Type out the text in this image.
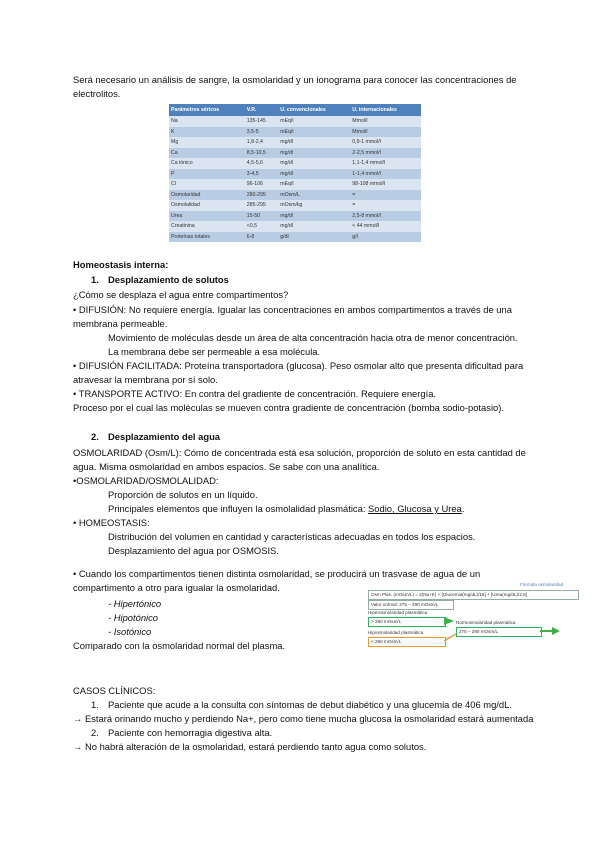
Será necesario un análisis de sangre, la osmolaridad y un ionograma para conocer las concentraciones de
electrolitos.
Parámetros séricos	V.R.	U. convencionales	U. internacionales
Na	135-145	mEq/l	Mmol/l
K	3,5-5	mEq/l	Mmol/l
Mg	1,8-2,4	mg/dl	0,9-1 mmol/l
Ca	8,5-10,5	mg/dl	2-2,5 mmol/l
Ca iónico	4,5-5,6	mg/dl	1,1-1,4 mmol/l
P	3-4,5	mg/dl	1-1,4 mmol/l
Cl	96-106	mEq/l	98-108 mmol/l
Osmolaridad	280-295	mOsm/L	=
Osmolalidad	285-295	mOsm/kg	=
Urea	15-50	mg/dl	2,5-8 mmol/l
Creatinina	<0,5	mg/dl	< 44 mmol/l
Proteínas totales	6-8	g/dl	g/l
Homeostasis interna:
1. Desplazamiento de solutos
¿Cómo se desplaza el agua entre compartimentos?
• DIFUSIÓN: No requiere energía. Igualar las concentraciones en ambos compartimentos a través de una
membrana permeable.
Movimiento de moléculas desde un área de alta concentración hacia otra de menor concentración.
La membrana debe ser permeable a esa molécula.
• DIFUSIÓN FACILITADA: Proteína transportadora (glucosa). Peso osmolar alto que presenta dificultad para
atravesar la membrana por sí solo.
• TRANSPORTE ACTIVO: En contra del gradiente de concentración. Requiere energía.
Proceso por el cual las moléculas se mueven contra gradiente de concentración (bomba sodio-potasio).
2. Desplazamiento del agua
OSMOLARIDAD (Osm/L): Cómo de concentrada está esa solución, proporción de soluto en esta cantidad de
agua. Misma osmolaridad en ambos espacios. Se sabe con una analítica.
•OSMOLARIDAD/OSMOLALIDAD:
Proporción de solutos en un líquido.
Principales elementos que influyen la osmolalidad plasmática: Sodio, Glucosa y Urea.
• HOMEOSTASIS:
Distribución del volumen en cantidad y características adecuadas en todos los espacios.
Desplazamiento del agua por OSMOSIS.
• Cuando los compartimentos tienen distinta osmolaridad, se producirá un trasvase de agua de un
compartimento a otro para igualar la osmolaridad.
- Hipertónico
- Hipotónico
- Isotónico
Comparado con la osmolaridad normal del plasma.
Fórmula osmolaridad
Osm Plas. (mOsm/L) = 2(Na+K) + [Glucemia(mg/dL)/18] + [Urea(mg/dL)/2,8]
Valor normal: 275 – 290 mOsm/L
Hiperosmolaridad plasmática
> 290 mOsm/L
Hiposmolaridad plasmática
< 290 mOsm/L
Normosmolaridad plasmática
275 – 290 mOsm/L
CASOS CLÍNICOS:
1. Paciente que acude a la consulta con síntomas de debut diabético y una glucemia de 406 mg/dL.
→ Estará orinando mucho y perdiendo Na+, pero como tiene mucha glucosa la osmolaridad estará aumentada
2. Paciente con hemorragia digestiva alta.
→ No habrá alteración de la osmolaridad, estará perdiendo tanto agua como solutos.
